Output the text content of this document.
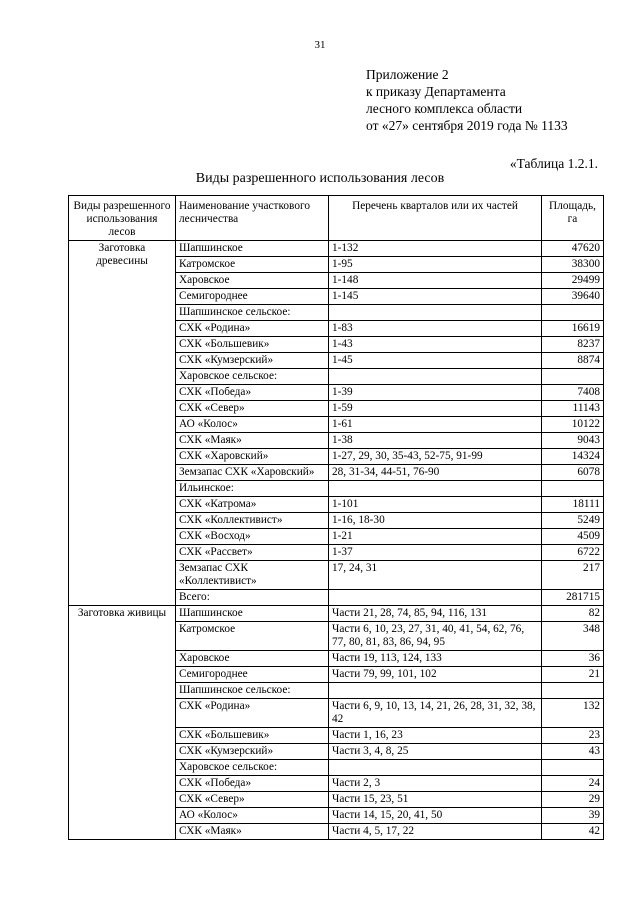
31
Приложение 2
к приказу Департамента
лесного комплекса области
от «27» сентября 2019 года № 1133
«Таблица 1.2.1.
Виды разрешенного использования лесов
Виды разрешенного использования лесов	Наименование участкового лесничества	Перечень кварталов или их частей	Площадь, га
Заготовка древесины	Шапшинское	1-132	47620
	Катромское	1-95	38300
	Харовское	1-148	29499
	Семигороднее	1-145	39640
	Шапшинское сельское:		
	СХК «Родина»	1-83	16619
	СХК «Большевик»	1-43	8237
	СХК «Кумзерский»	1-45	8874
	Харовское сельское:		
	СХК «Победа»	1-39	7408
	СХК «Север»	1-59	11143
	АО «Колос»	1-61	10122
	СХК «Маяк»	1-38	9043
	СХК «Харовский»	1-27, 29, 30, 35-43, 52-75, 91-99	14324
	Земзапас СХК «Харовский»	28, 31-34, 44-51, 76-90	6078
	Ильинское:		
	СХК «Катрома»	1-101	18111
	СХК «Коллективист»	1-16, 18-30	5249
	СХК «Восход»	1-21	4509
	СХК «Рассвет»	1-37	6722
	Земзапас СХК «Коллективист»	17, 24, 31	217
	Всего:		281715
Заготовка живицы	Шапшинское	Части 21, 28, 74, 85, 94, 116, 131	82
	Катромское	Части 6, 10, 23, 27, 31, 40, 41, 54, 62, 76, 77, 80, 81, 83, 86, 94, 95	348
	Харовское	Части 19, 113, 124, 133	36
	Семигороднее	Части 79, 99, 101, 102	21
	Шапшинское сельское:		
	СХК «Родина»	Части 6, 9, 10, 13, 14, 21, 26, 28, 31, 32, 38, 42	132
	СХК «Большевик»	Части 1, 16, 23	23
	СХК «Кумзерский»	Части 3, 4, 8, 25	43
	Харовское сельское:		
	СХК «Победа»	Части 2, 3	24
	СХК «Север»	Части 15, 23, 51	29
	АО «Колос»	Части 14, 15, 20, 41, 50	39
	СХК «Маяк»	Части 4, 5, 17, 22	42
